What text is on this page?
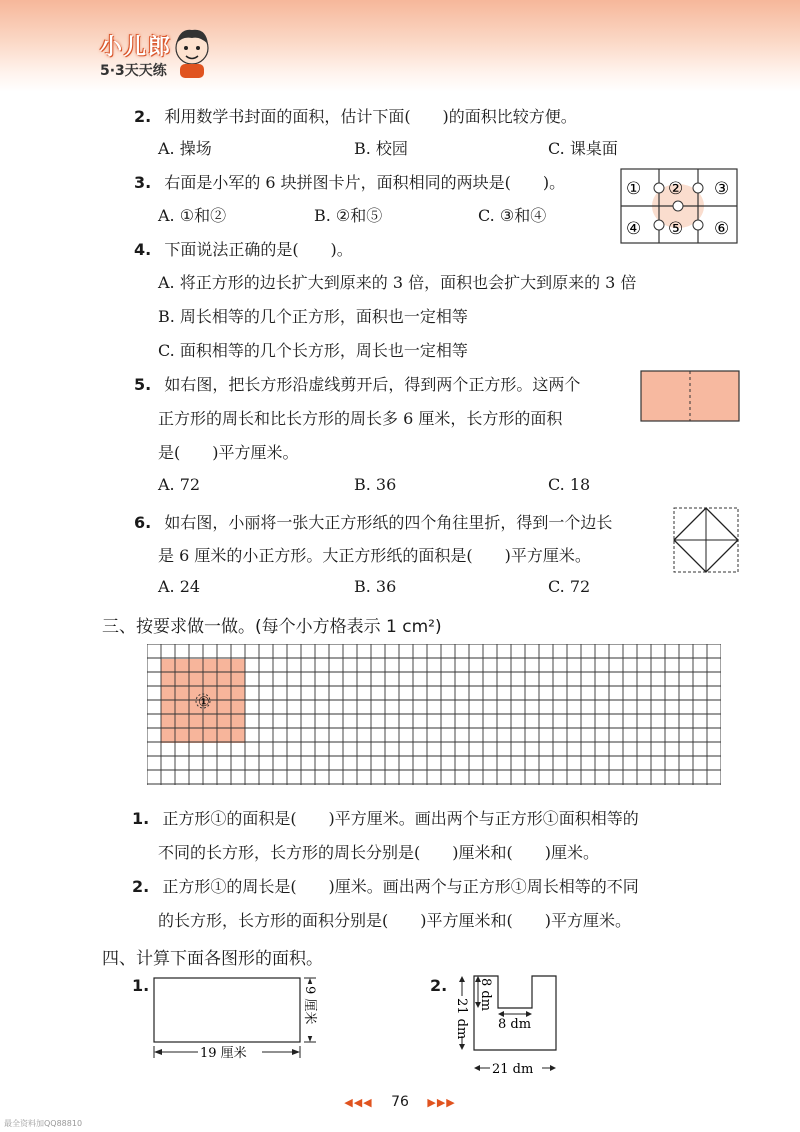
小儿郎
5·3天天练
2. 利用数学书封面的面积，估计下面(　　)的面积比较方便。
A. 操场	B. 校园	C. 课桌面
3. 右面是小军的 6 块拼图卡片，面积相同的两块是(　　)。
A. ①和②	B. ②和⑤	C. ③和④
① ② ③
④ ⑤ ⑥
4. 下面说法正确的是(　　)。
A. 将正方形的边长扩大到原来的 3 倍，面积也会扩大到原来的 3 倍
B. 周长相等的几个正方形，面积也一定相等
C. 面积相等的几个长方形，周长也一定相等
5. 如右图，把长方形沿虚线剪开后，得到两个正方形。这两个
正方形的周长和比长方形的周长多 6 厘米，长方形的面积
是(　　)平方厘米。
A. 72	B. 36	C. 18
6. 如右图，小丽将一张大正方形纸的四个角往里折，得到一个边长
是 6 厘米的小正方形。大正方形纸的面积是(　　)平方厘米。
A. 24	B. 36	C. 72
三、按要求做一做。(每个小方格表示 1 cm²)
①
1. 正方形①的面积是(　　)平方厘米。画出两个与正方形①面积相等的
不同的长方形，长方形的周长分别是(　　)厘米和(　　)厘米。
2. 正方形①的周长是(　　)厘米。画出两个与正方形①周长相等的不同
的长方形，长方形的面积分别是(　　)平方厘米和(　　)平方厘米。
四、计算下面各图形的面积。
1.
19 厘米
9 厘米
2. 8 dm
8 dm
21 dm
21 dm
◀◀◀ 76 ▶▶▶
最全资料加QQ88810
